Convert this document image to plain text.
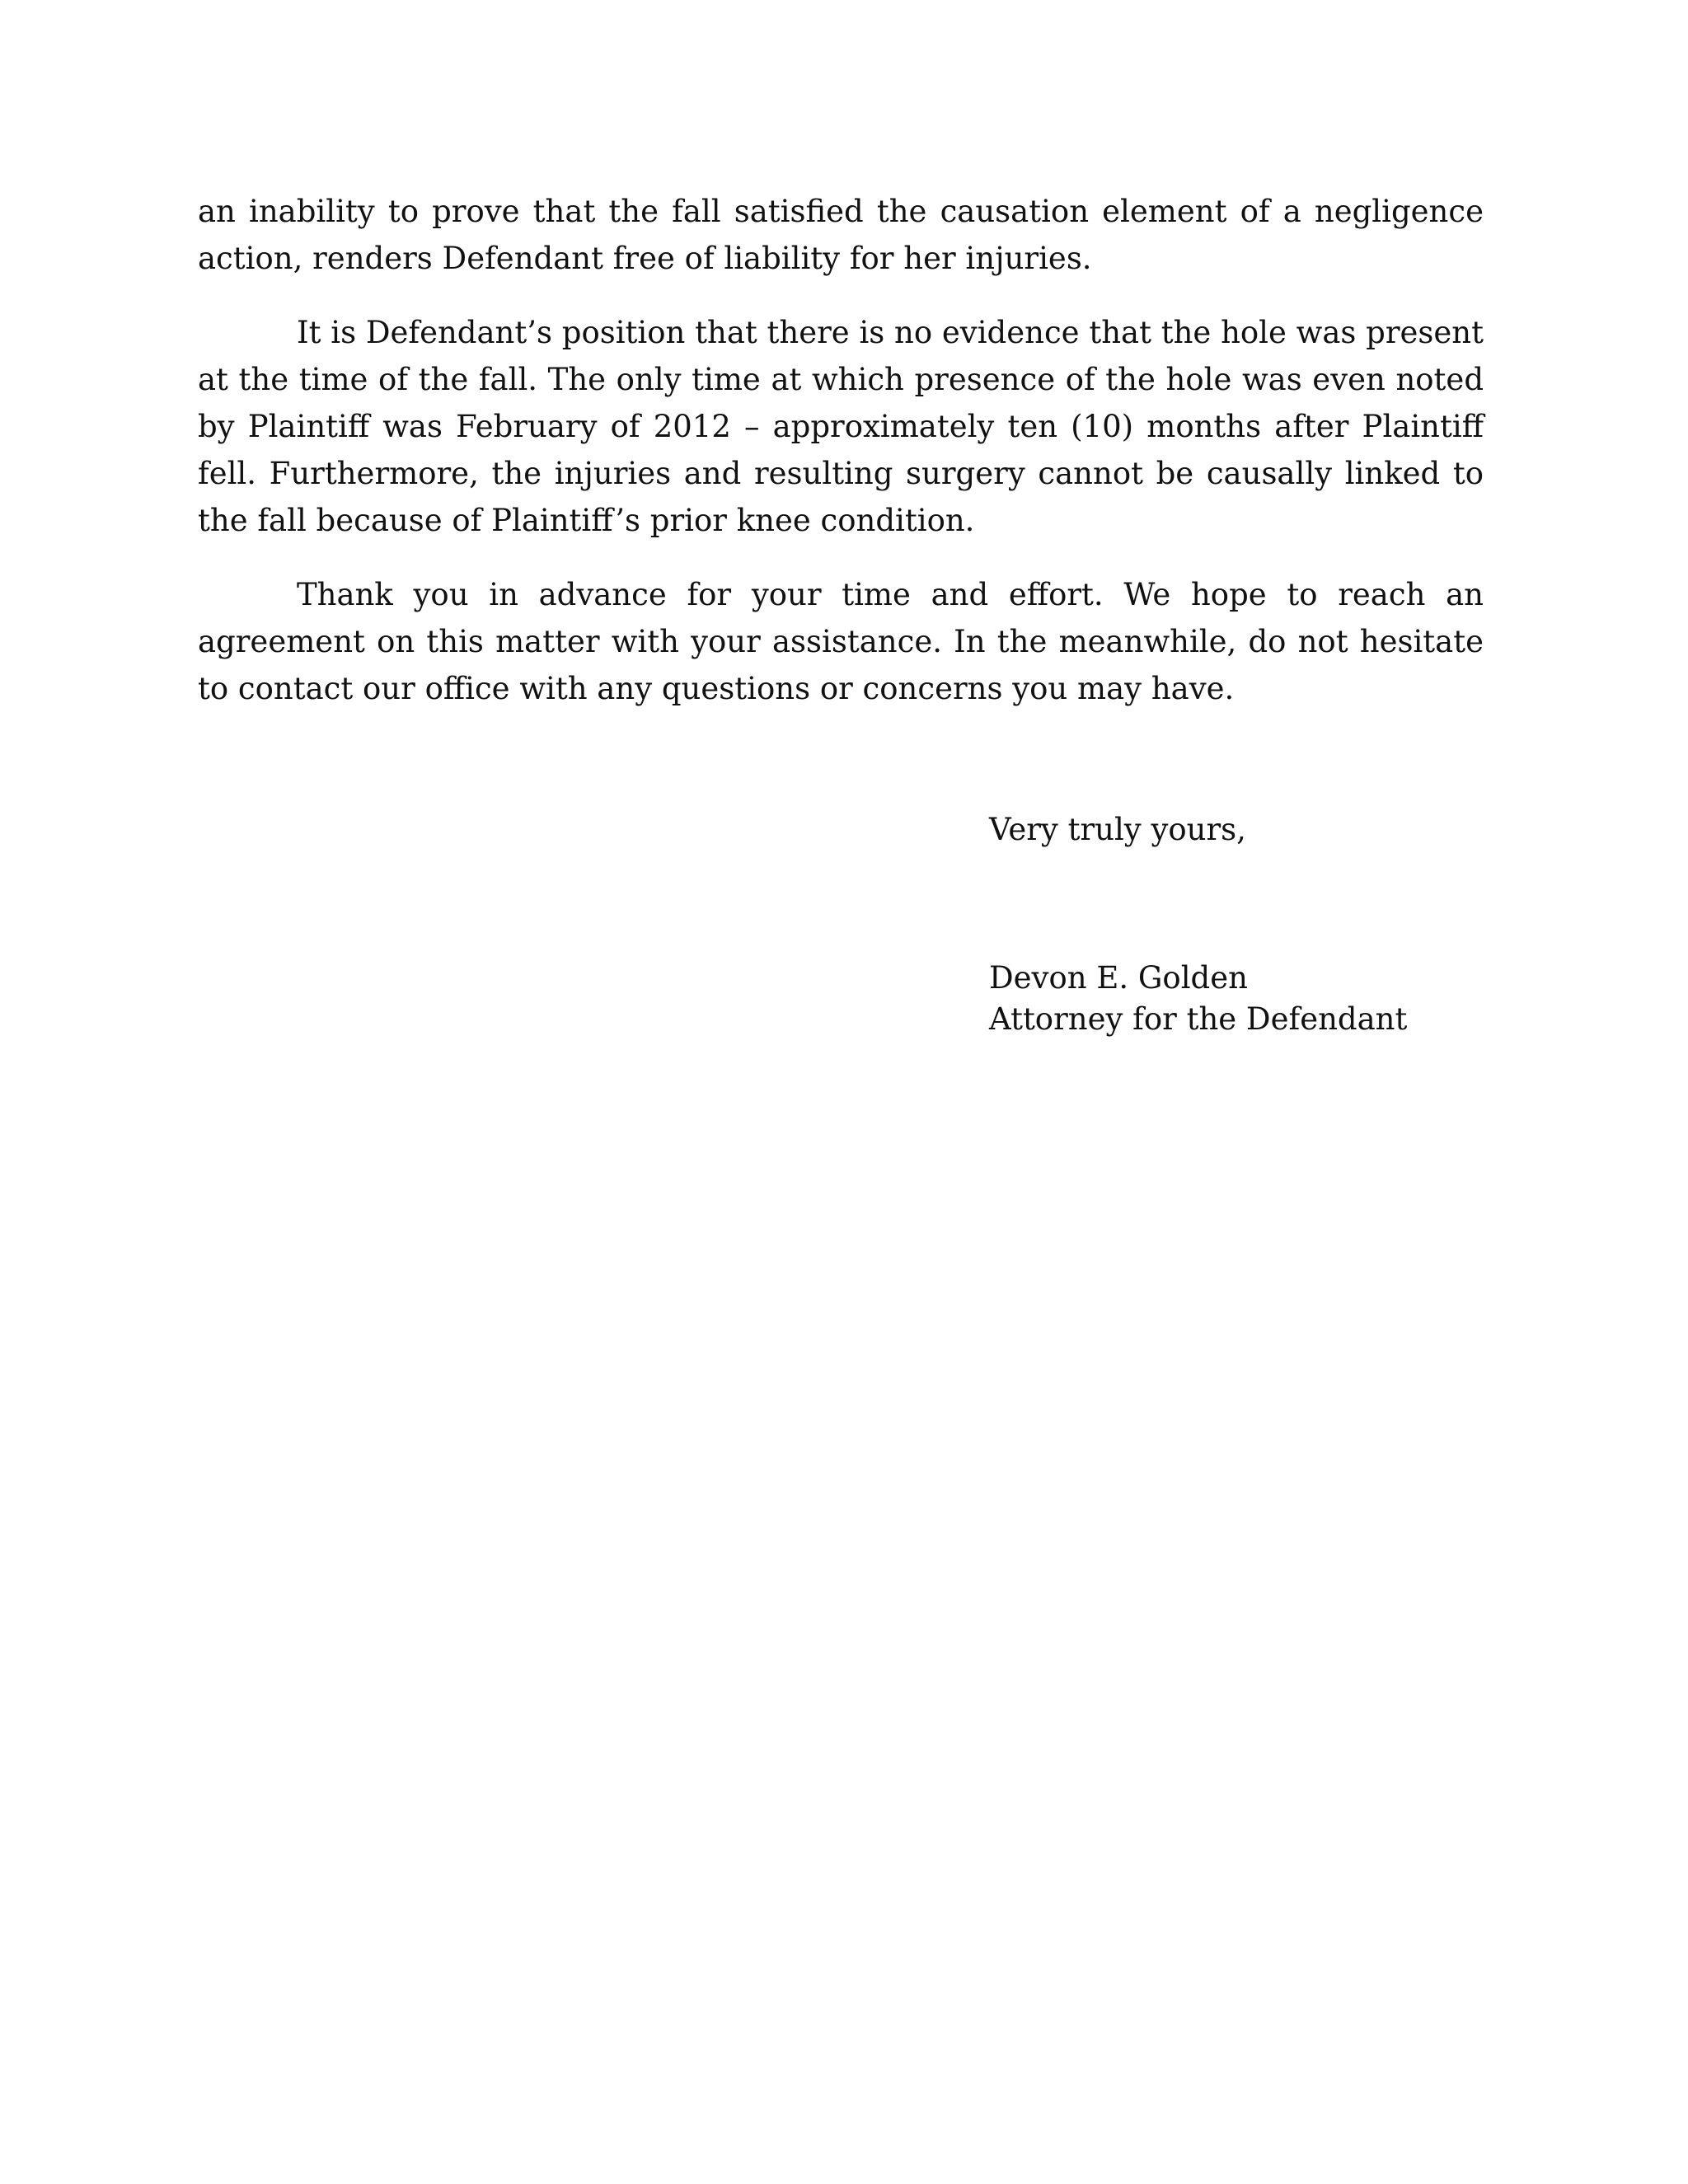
an inability to prove that the fall satisfied the causation element of a negligence action, renders Defendant free of liability for her injuries.

It is Defendant’s position that there is no evidence that the hole was present at the time of the fall. The only time at which presence of the hole was even noted by Plaintiff was February of 2012 – approximately ten (10) months after Plaintiff fell. Furthermore, the injuries and resulting surgery cannot be causally linked to the fall because of Plaintiff’s prior knee condition.

Thank you in advance for your time and effort. We hope to reach an agreement on this matter with your assistance. In the meanwhile, do not hesitate to contact our office with any questions or concerns you may have.

Very truly yours,
Devon E. Golden
Attorney for the Defendant
